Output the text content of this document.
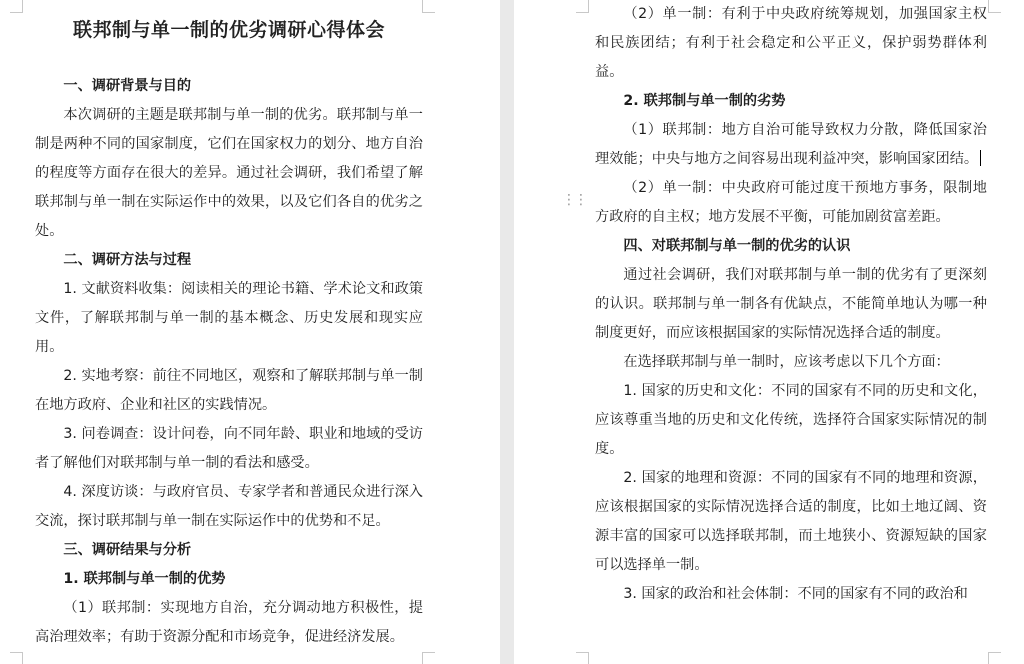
联邦制与单一制的优劣调研心得体会

一、调研背景与目的

本次调研的主题是联邦制与单一制的优劣。联邦制与单一制是两种不同的国家制度，它们在国家权力的划分、地方自治的程度等方面存在很大的差异。通过社会调研，我们希望了解联邦制与单一制在实际运作中的效果，以及它们各自的优劣之处。

二、调研方法与过程

1. 文献资料收集：阅读相关的理论书籍、学术论文和政策文件，了解联邦制与单一制的基本概念、历史发展和现实应用。

2. 实地考察：前往不同地区，观察和了解联邦制与单一制在地方政府、企业和社区的实践情况。

3. 问卷调查：设计问卷，向不同年龄、职业和地域的受访者了解他们对联邦制与单一制的看法和感受。

4. 深度访谈：与政府官员、专家学者和普通民众进行深入交流，探讨联邦制与单一制在实际运作中的优势和不足。

三、调研结果与分析

1. 联邦制与单一制的优势

（1）联邦制：实现地方自治，充分调动地方积极性，提高治理效率；有助于资源分配和市场竞争，促进经济发展。

⋮⋮

（2）单一制：有利于中央政府统筹规划，加强国家主权和民族团结；有利于社会稳定和公平正义，保护弱势群体利益。

2. 联邦制与单一制的劣势

（1）联邦制：地方自治可能导致权力分散，降低国家治理效能；中央与地方之间容易出现利益冲突，影响国家团结。

（2）单一制：中央政府可能过度干预地方事务，限制地方政府的自主权；地方发展不平衡，可能加剧贫富差距。

四、对联邦制与单一制的优劣的认识

通过社会调研，我们对联邦制与单一制的优劣有了更深刻的认识。联邦制与单一制各有优缺点，不能简单地认为哪一种制度更好，而应该根据国家的实际情况选择合适的制度。

在选择联邦制与单一制时，应该考虑以下几个方面：

1. 国家的历史和文化：不同的国家有不同的历史和文化，应该尊重当地的历史和文化传统，选择符合国家实际情况的制度。

2. 国家的地理和资源：不同的国家有不同的地理和资源，应该根据国家的实际情况选择合适的制度，比如土地辽阔、资源丰富的国家可以选择联邦制，而土地狭小、资源短缺的国家可以选择单一制。

3. 国家的政治和社会体制：不同的国家有不同的政治和
